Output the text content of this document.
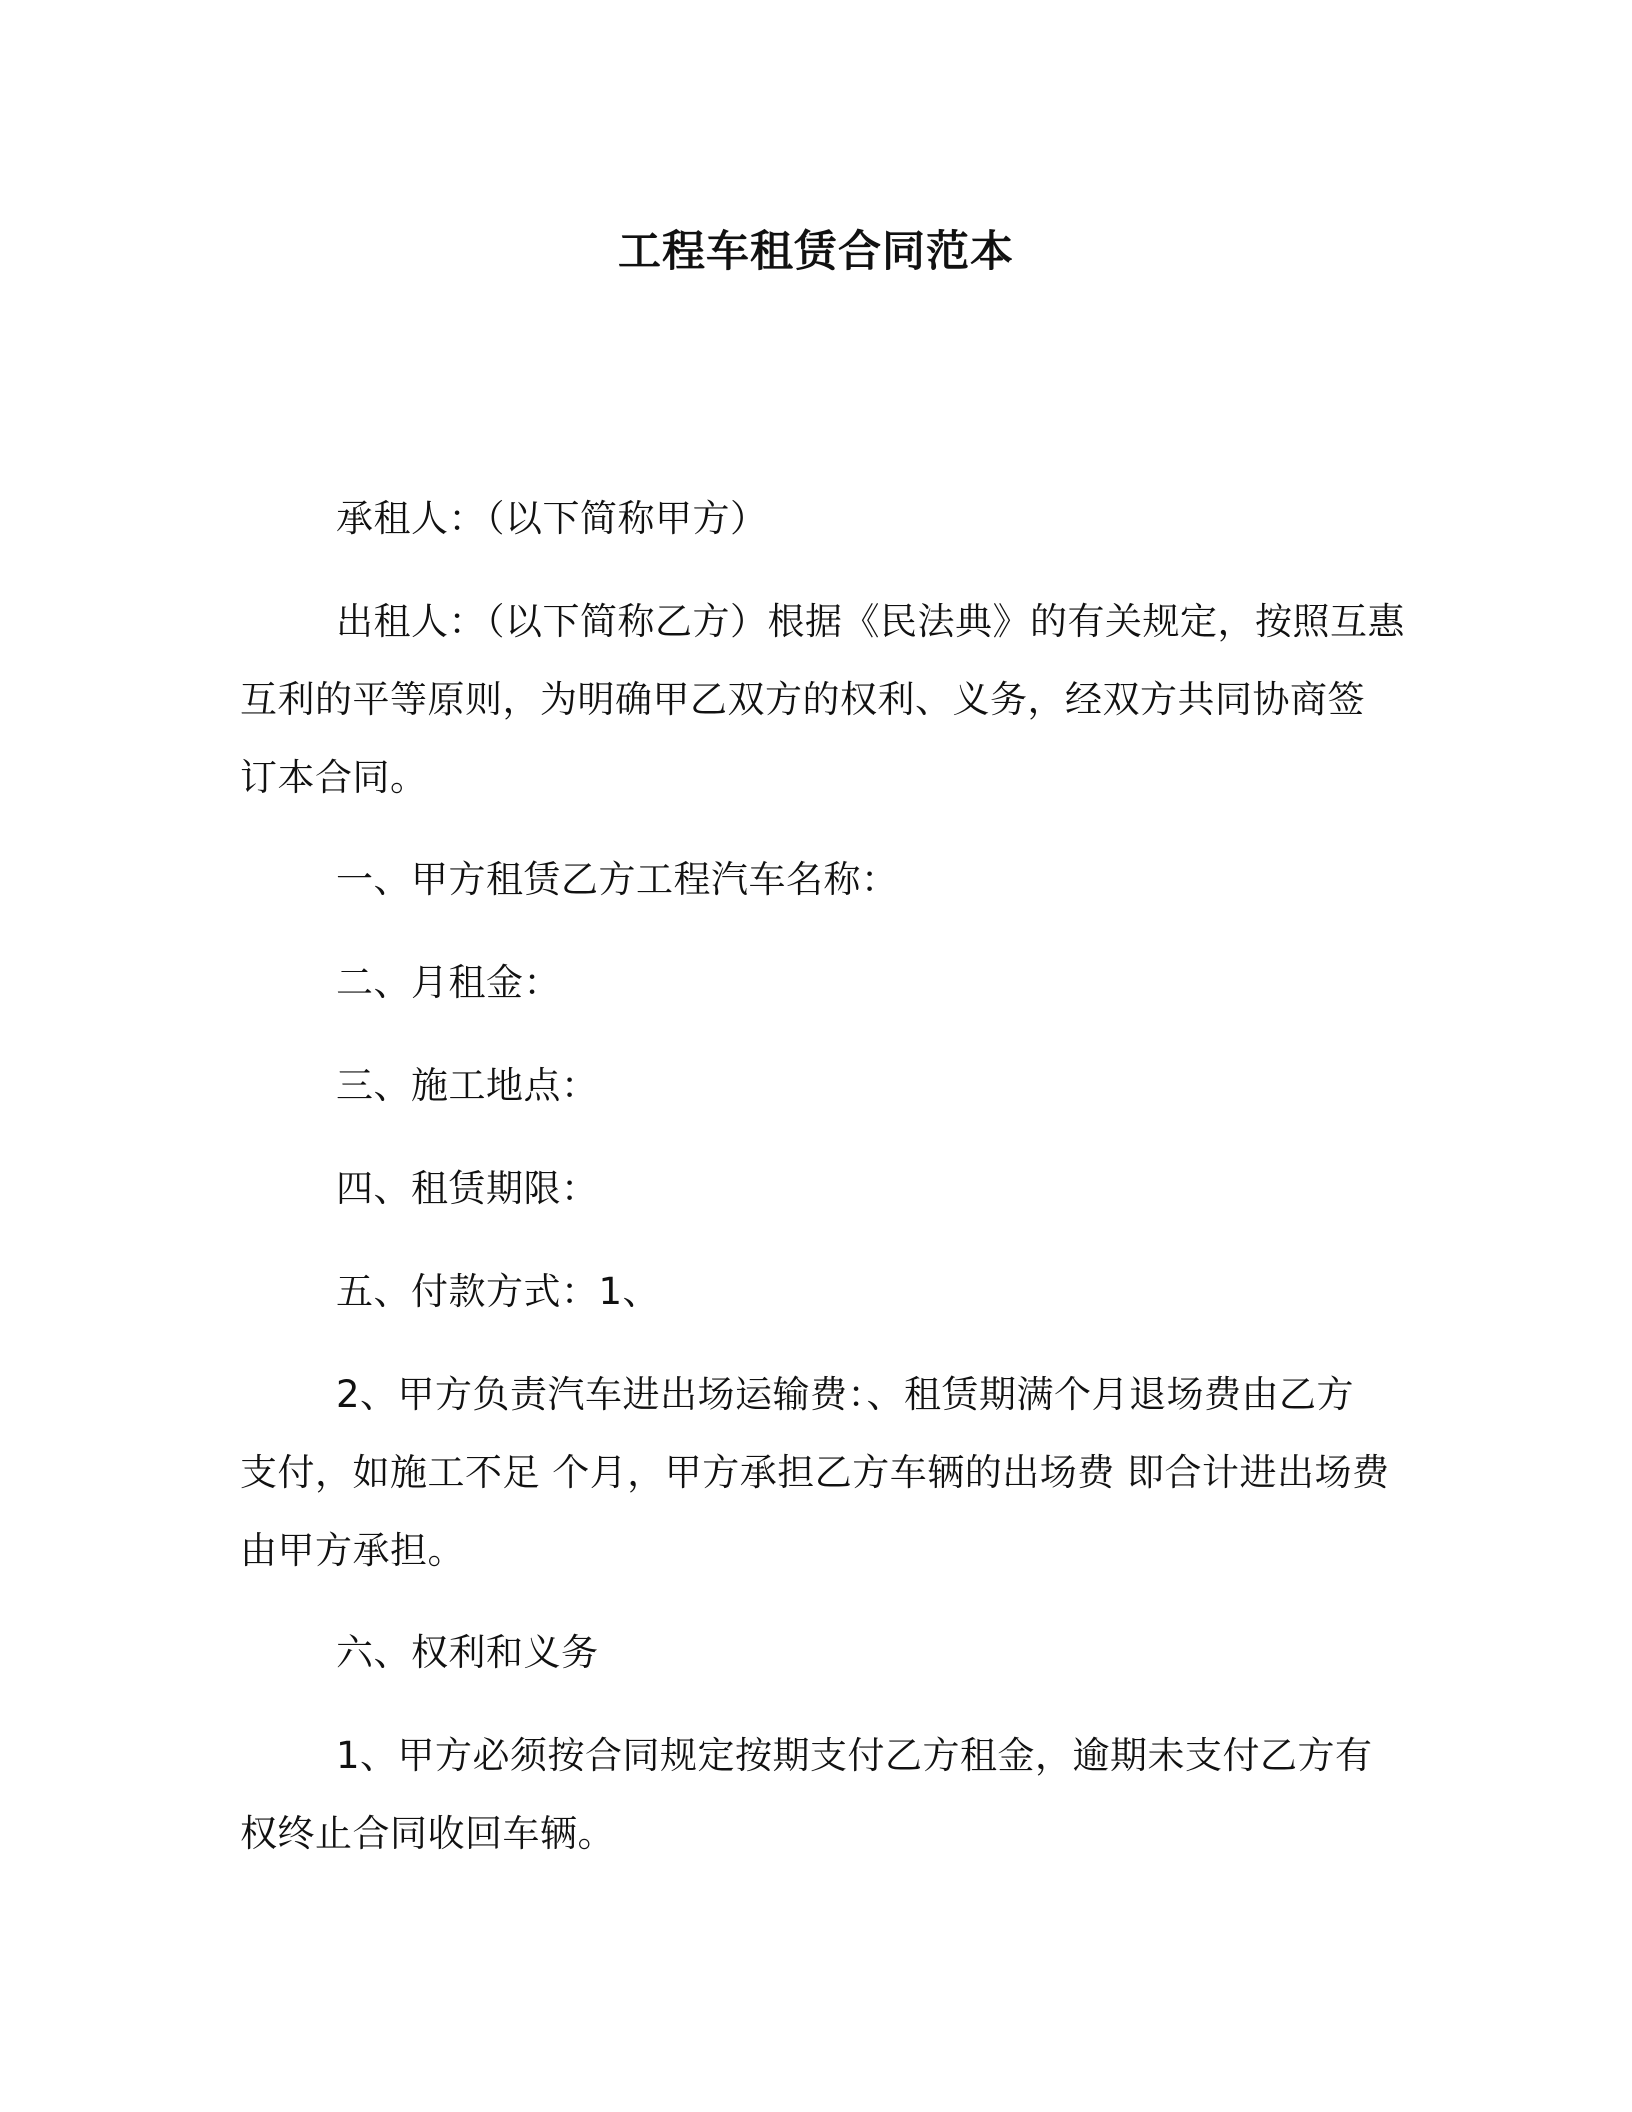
工程车租赁合同范本
承租人：（以下简称甲方）
出租人：（以下简称乙方）根据《民法典》的有关规定，按照互惠
互利的平等原则，为明确甲乙双方的权利、义务，经双方共同协商签
订本合同。
一、甲方租赁乙方工程汽车名称：
二、月租金：
三、施工地点：
四、租赁期限：
五、付款方式：1、
2、甲方负责汽车进出场运输费：、租赁期满个月退场费由乙方
支付，如施工不足 个月，甲方承担乙方车辆的出场费 即合计进出场费
由甲方承担。
六、权利和义务
1、甲方必须按合同规定按期支付乙方租金，逾期未支付乙方有
权终止合同收回车辆。
